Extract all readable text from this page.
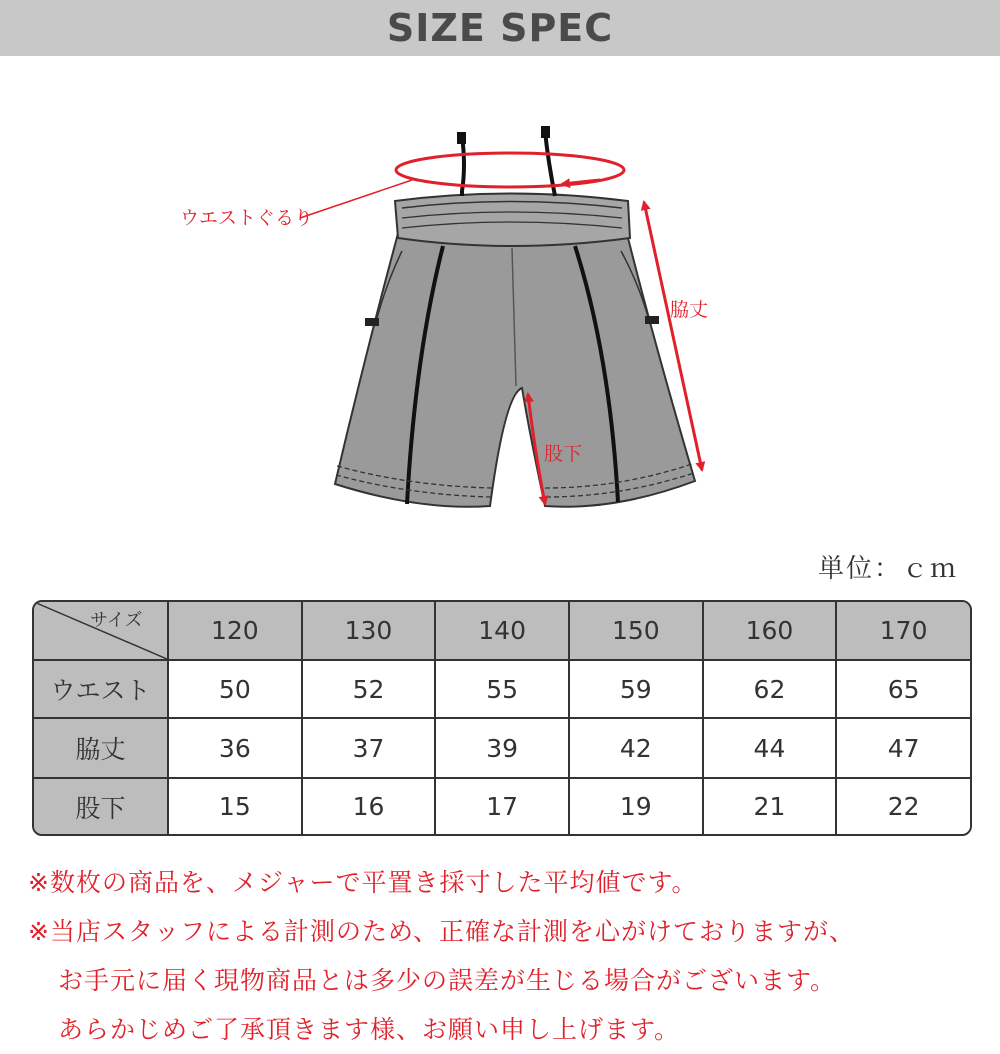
SIZE SPEC
ウエストぐるり
脇丈
股下
単位：ｃｍ
サイズ	120	130	140	150	160	170
ウエスト	50	52	55	59	62	65
脇丈	36	37	39	42	44	47
股下	15	16	17	19	21	22
※数枚の商品を、メジャーで平置き採寸した平均値です。
※当店スタッフによる計測のため、正確な計測を心がけておりますが、
お手元に届く現物商品とは多少の誤差が生じる場合がございます。
あらかじめご了承頂きます様、お願い申し上げます。
